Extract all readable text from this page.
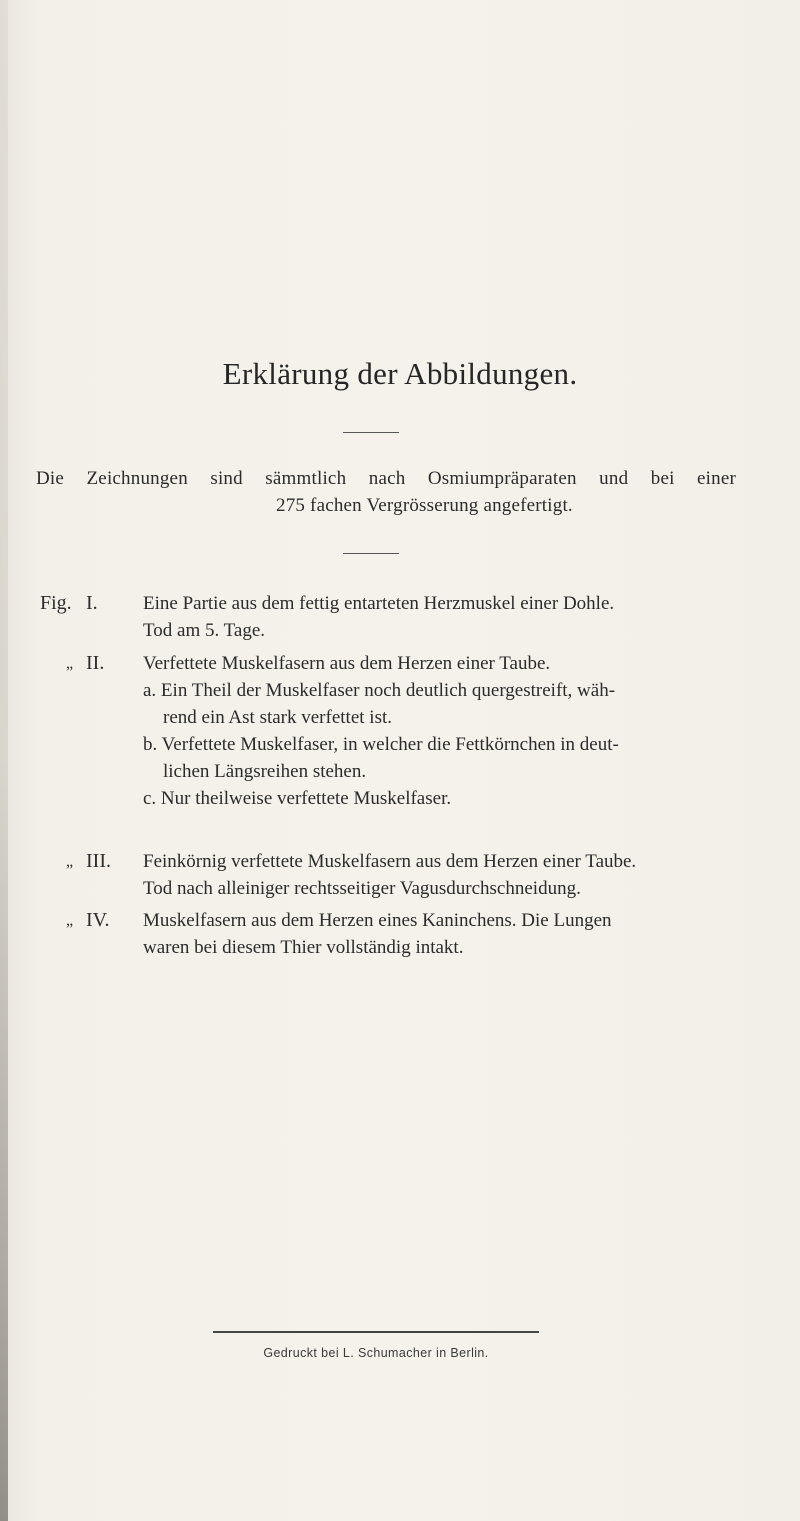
Erklärung der Abbildungen.
Die Zeichnungen sind sämmtlich nach Osmiumpräparaten und bei einer
275 fachen Vergrösserung angefertigt.
Fig. I. Eine Partie aus dem fettig entarteten Herzmuskel einer Dohle.
Tod am 5. Tage.
„ II. Verfettete Muskelfasern aus dem Herzen einer Taube.
a. Ein Theil der Muskelfaser noch deutlich quergestreift, wäh-
rend ein Ast stark verfettet ist.
b. Verfettete Muskelfaser, in welcher die Fettkörnchen in deut-
lichen Längsreihen stehen.
c. Nur theilweise verfettete Muskelfaser.
„ III. Feinkörnig verfettete Muskelfasern aus dem Herzen einer Taube.
Tod nach alleiniger rechtsseitiger Vagusdurchschneidung.
„ IV. Muskelfasern aus dem Herzen eines Kaninchens. Die Lungen
waren bei diesem Thier vollständig intakt.
Gedruckt bei L. Schumacher in Berlin.
